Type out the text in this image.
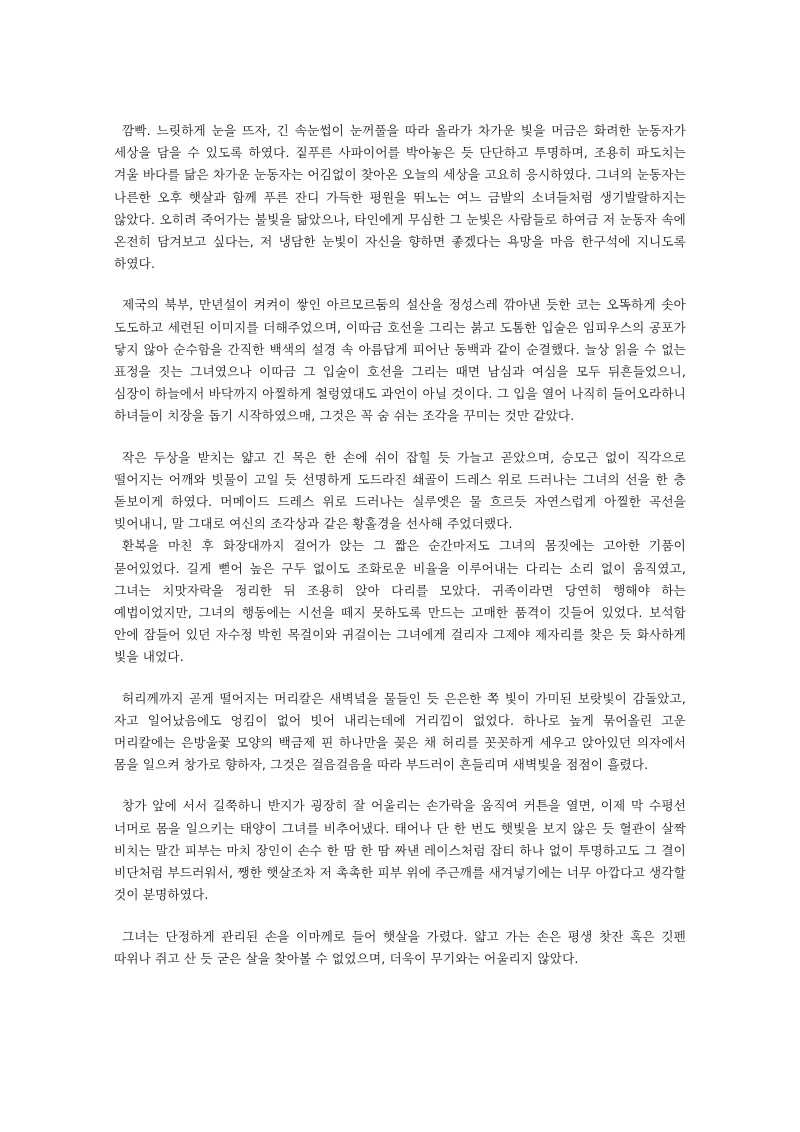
깜빡. 느릿하게 눈을 뜨자, 긴 속눈썹이 눈꺼풀을 따라 올라가 차가운 빛을 머금은 화려한 눈동자가 세상을 담을 수 있도록 하였다. 짙푸른 사파이어를 박아놓은 듯 단단하고 투명하며, 조용히 파도치는 겨울 바다를 닮은 차가운 눈동자는 어김없이 찾아온 오늘의 세상을 고요히 응시하였다. 그녀의 눈동자는 나른한 오후 햇살과 함께 푸른 잔디 가득한 평원을 뛰노는 여느 금발의 소녀들처럼 생기발랄하지는 않았다. 오히려 죽어가는 불빛을 닮았으나, 타인에게 무심한 그 눈빛은 사람들로 하여금 저 눈동자 속에 온전히 담겨보고 싶다는, 저 냉담한 눈빛이 자신을 향하면 좋겠다는 욕망을 마음 한구석에 지니도록 하였다.

제국의 북부, 만년설이 켜켜이 쌓인 아르모르둠의 설산을 정성스레 깎아낸 듯한 코는 오똑하게 솟아 도도하고 세련된 이미지를 더해주었으며, 이따금 호선을 그리는 붉고 도톰한 입술은 임피우스의 공포가 닿지 않아 순수함을 간직한 백색의 설경 속 아름답게 피어난 동백과 같이 순결했다. 늘상 읽을 수 없는 표정을 짓는 그녀였으나 이따금 그 입술이 호선을 그리는 때면 남심과 여심을 모두 뒤흔들었으니, 심장이 하늘에서 바닥까지 아찔하게 철렁였대도 과언이 아닐 것이다. 그 입을 열어 나직히 들어오라하니 하녀들이 치장을 돕기 시작하였으매, 그것은 꼭 숨 쉬는 조각을 꾸미는 것만 같았다.

작은 두상을 받치는 얇고 긴 목은 한 손에 쉬이 잡힐 듯 가늘고 곧았으며, 승모근 없이 직각으로 떨어지는 어깨와 빗물이 고일 듯 선명하게 도드라진 쇄골이 드레스 위로 드러나는 그녀의 선을 한 층 돋보이게 하였다. 머메이드 드레스 위로 드러나는 실루엣은 물 흐르듯 자연스럽게 아찔한 곡선을 빚어내니, 말 그대로 여신의 조각상과 같은 황홀경을 선사해 주었더랬다.

환복을 마친 후 화장대까지 걸어가 앉는 그 짧은 순간마저도 그녀의 몸짓에는 고아한 기품이 묻어있었다. 길게 뻗어 높은 구두 없이도 조화로운 비율을 이루어내는 다리는 소리 없이 움직였고, 그녀는 치맛자락을 정리한 뒤 조용히 앉아 다리를 모았다. 귀족이라면 당연히 행해야 하는 예법이었지만, 그녀의 행동에는 시선을 떼지 못하도록 만드는 고매한 품격이 깃들어 있었다. 보석함 안에 잠들어 있던 자수정 박힌 목걸이와 귀걸이는 그녀에게 걸리자 그제야 제자리를 찾은 듯 화사하게 빛을 내었다.

허리께까지 곧게 떨어지는 머리칼은 새벽녘을 물들인 듯 은은한 쪽 빛이 가미된 보랏빛이 감돌았고, 자고 일어났음에도 엉킴이 없어 빗어 내리는데에 거리낌이 없었다. 하나로 높게 묶어올린 고운 머리칼에는 은방울꽃 모양의 백금제 핀 하나만을 꽂은 채 허리를 꼿꼿하게 세우고 앉아있던 의자에서 몸을 일으켜 창가로 향하자, 그것은 걸음걸음을 따라 부드러이 흔들리며 새벽빛을 점점이 흘렸다.

창가 앞에 서서 길쭉하니 반지가 굉장히 잘 어울리는 손가락을 움직여 커튼을 열면, 이제 막 수평선 너머로 몸을 일으키는 태양이 그녀를 비추어냈다. 태어나 단 한 번도 햇빛을 보지 않은 듯 혈관이 살짝 비치는 말간 피부는 마치 장인이 손수 한 땀 한 땀 짜낸 레이스처럼 잡티 하나 없이 투명하고도 그 결이 비단처럼 부드러워서, 쨍한 햇살조차 저 촉촉한 피부 위에 주근깨를 새겨넣기에는 너무 아깝다고 생각할 것이 분명하였다.

그녀는 단정하게 관리된 손을 이마께로 들어 햇살을 가렸다. 얇고 가는 손은 평생 찻잔 혹은 깃펜 따위나 쥐고 산 듯 굳은 살을 찾아볼 수 없었으며, 더욱이 무기와는 어울리지 않았다.
